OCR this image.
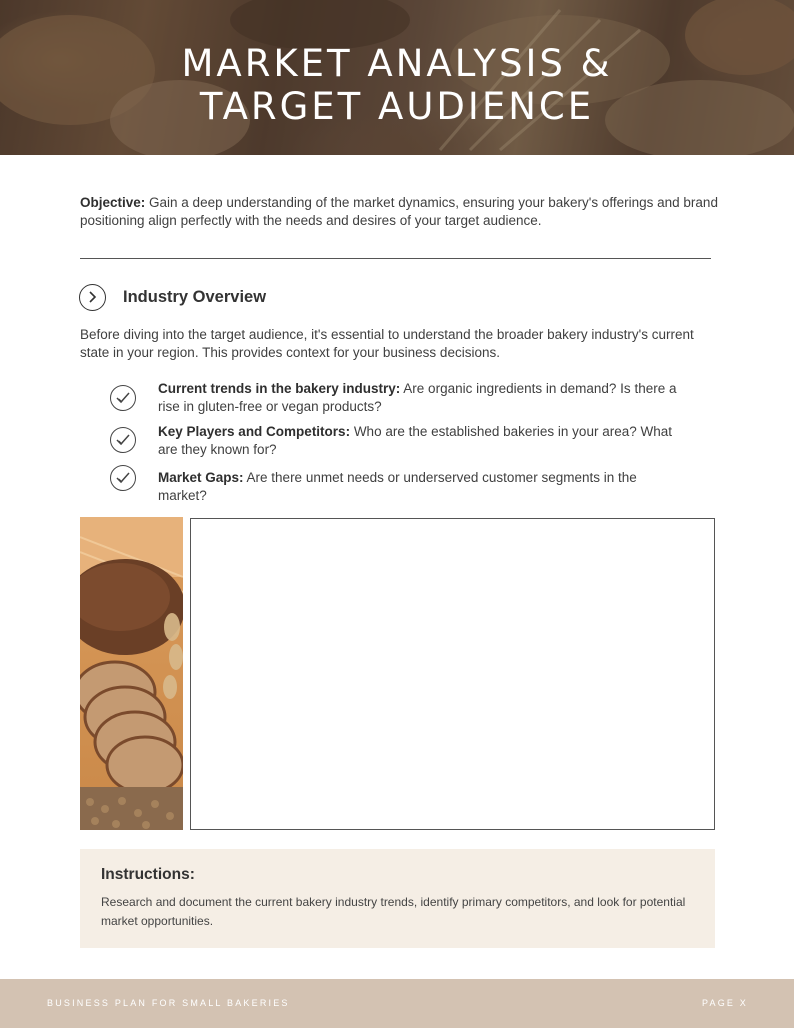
MARKET ANALYSIS &
TARGET AUDIENCE

Objective: Gain a deep understanding of the market dynamics, ensuring your bakery's offerings and brand positioning align perfectly with the needs and desires of your target audience.

Industry Overview

Before diving into the target audience, it's essential to understand the broader bakery industry's current state in your region. This provides context for your business decisions.

Current trends in the bakery industry: Are organic ingredients in demand? Is there a rise in gluten-free or vegan products?

Key Players and Competitors: Who are the established bakeries in your area? What are they known for?

Market Gaps: Are there unmet needs or underserved customer segments in the market?

Instructions:

Research and document the current bakery industry trends, identify primary competitors, and look for potential market opportunities.

BUSINESS PLAN FOR SMALL BAKERIES	PAGE X
